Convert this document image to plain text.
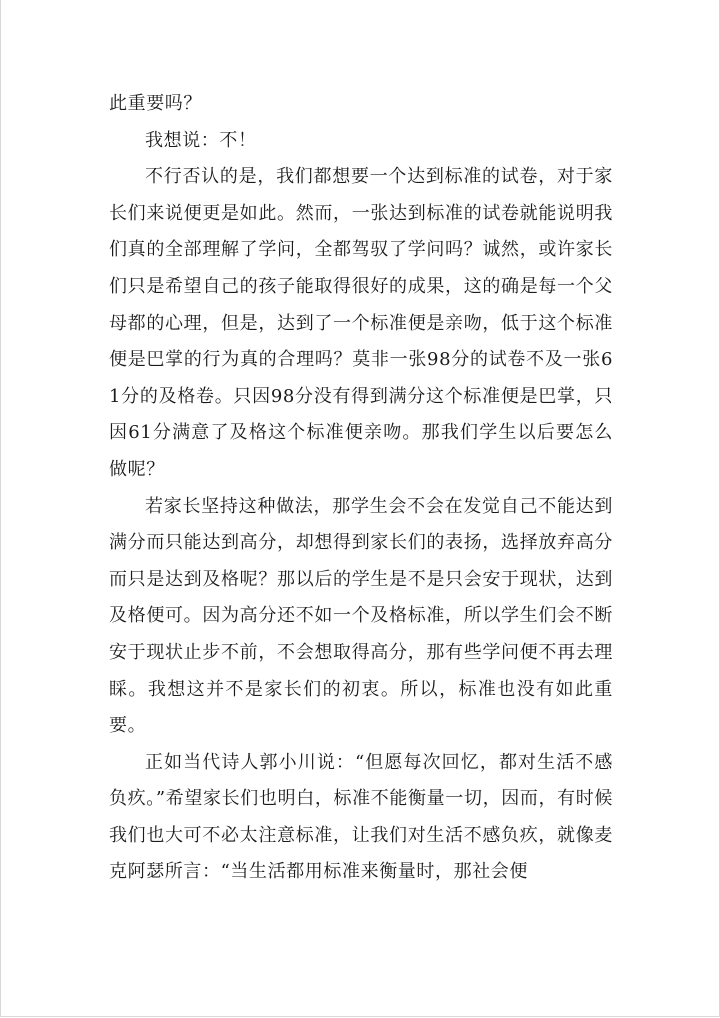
此重要吗？

我想说：不！

不行否认的是，我们都想要一个达到标准的试卷，对于家长们来说便更是如此。然而，一张达到标准的试卷就能说明我们真的全部理解了学问，全都驾驭了学问吗？诚然，或许家长们只是希望自己的孩子能取得很好的成果，这的确是每一个父母都的心理，但是，达到了一个标准便是亲吻，低于这个标准便是巴掌的行为真的合理吗？莫非一张98分的试卷不及一张61分的及格卷。只因98分没有得到满分这个标准便是巴掌，只因61分满意了及格这个标准便亲吻。那我们学生以后要怎么做呢？

若家长坚持这种做法，那学生会不会在发觉自己不能达到满分而只能达到高分，却想得到家长们的表扬，选择放弃高分而只是达到及格呢？那以后的学生是不是只会安于现状，达到及格便可。因为高分还不如一个及格标准，所以学生们会不断安于现状止步不前，不会想取得高分，那有些学问便不再去理睬。我想这并不是家长们的初衷。所以，标准也没有如此重要。

正如当代诗人郭小川说：“但愿每次回忆，都对生活不感负疚。”希望家长们也明白，标准不能衡量一切，因而，有时候我们也大可不必太注意标准，让我们对生活不感负疚，就像麦克阿瑟所言：“当生活都用标准来衡量时，那社会便
